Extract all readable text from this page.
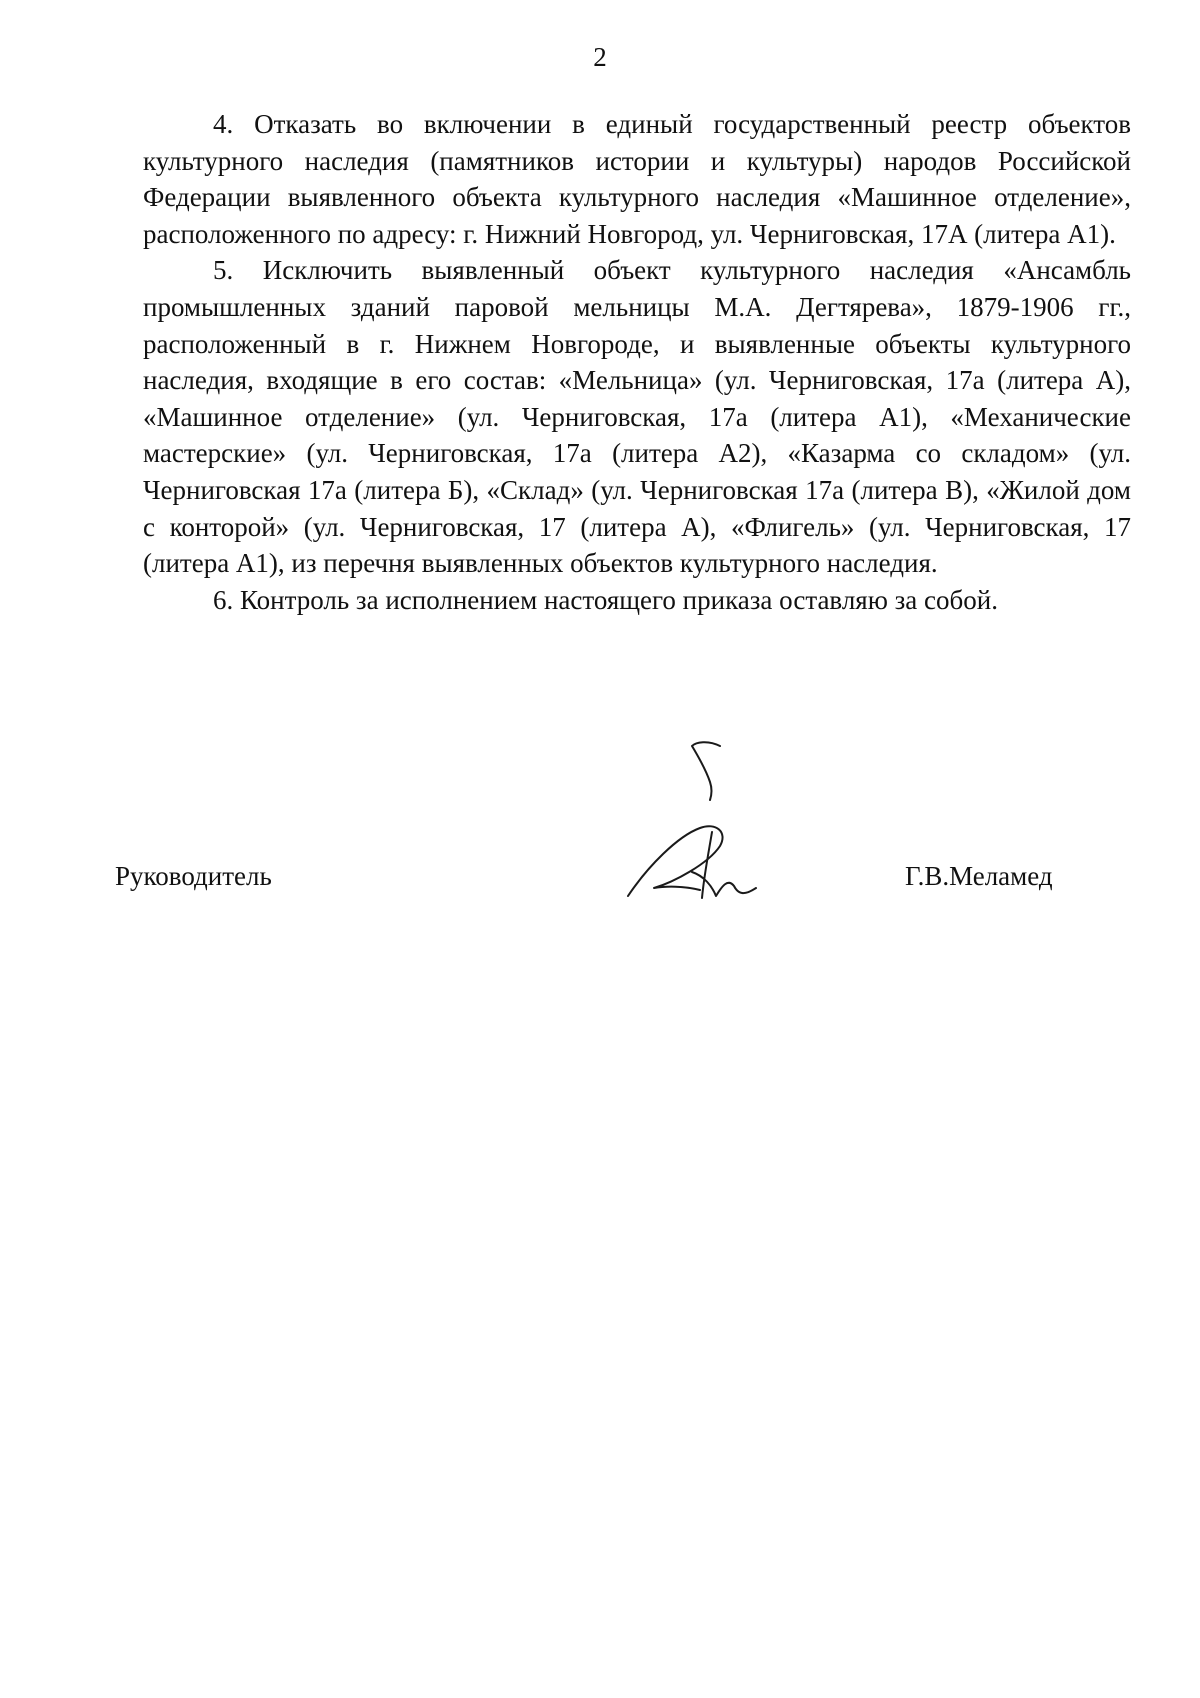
2

4. Отказать во включении в единый государственный реестр объектов культурного наследия (памятников истории и культуры) народов Российской Федерации выявленного объекта культурного наследия «Машинное отделение», расположенного по адресу: г. Нижний Новгород, ул. Черниговская, 17А (литера А1).

5. Исключить выявленный объект культурного наследия «Ансамбль промышленных зданий паровой мельницы М.А. Дегтярева», 1879-1906 гг., расположенный в г. Нижнем Новгороде, и выявленные объекты культурного наследия, входящие в его состав: «Мельница» (ул. Черниговская, 17а (литера А), «Машинное отделение» (ул. Черниговская, 17а (литера А1), «Механические мастерские» (ул. Черниговская, 17а (литера А2), «Казарма со складом» (ул. Черниговская 17а (литера Б), «Склад» (ул. Черниговская 17а (литера В), «Жилой дом с конторой» (ул. Черниговская, 17 (литера А), «Флигель» (ул. Черниговская, 17 (литера А1), из перечня выявленных объектов культурного наследия.

6. Контроль за исполнением настоящего приказа оставляю за собой.

Руководитель	Г.В.Меламед
